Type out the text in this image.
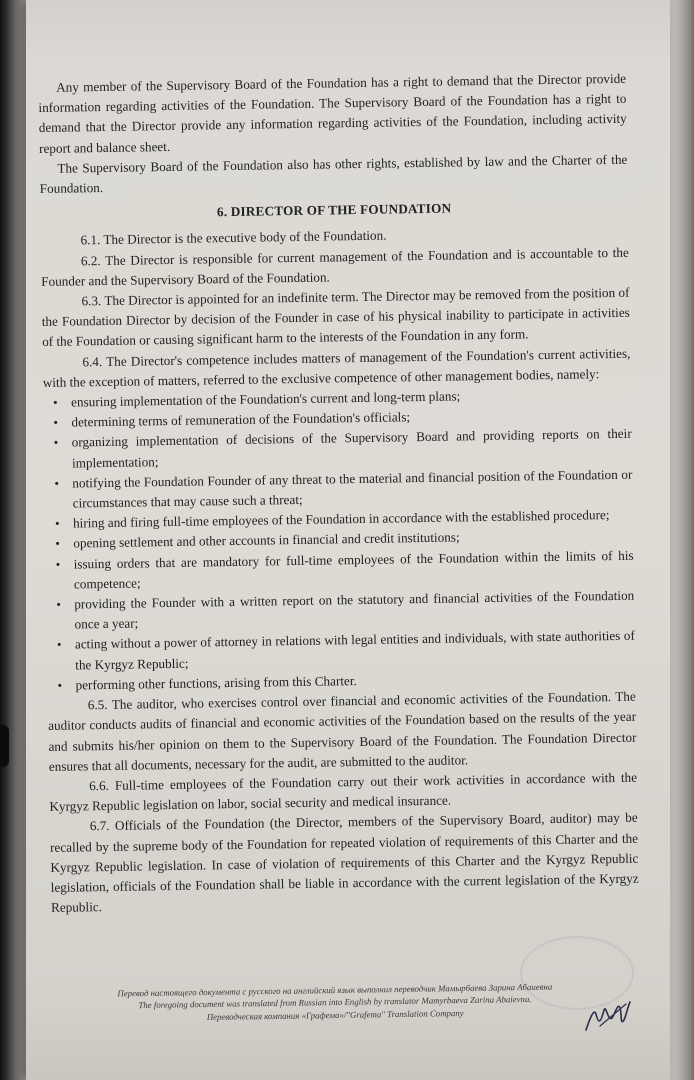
Any member of the Supervisory Board of the Foundation has a right to demand that the Director provide information regarding activities of the Foundation. The Supervisory Board of the Foundation has a right to demand that the Director provide any information regarding activities of the Foundation, including activity report and balance sheet.

The Supervisory Board of the Foundation also has other rights, established by law and the Charter of the Foundation.

6. DIRECTOR OF THE FOUNDATION

6.1. The Director is the executive body of the Foundation.

6.2. The Director is responsible for current management of the Foundation and is accountable to the Founder and the Supervisory Board of the Foundation.

6.3. The Director is appointed for an indefinite term. The Director may be removed from the position of the Foundation Director by decision of the Founder in case of his physical inability to participate in activities of the Foundation or causing significant harm to the interests of the Foundation in any form.

6.4. The Director's competence includes matters of management of the Foundation's current activities, with the exception of matters, referred to the exclusive competence of other management bodies, namely:

• ensuring implementation of the Foundation's current and long-term plans;
• determining terms of remuneration of the Foundation's officials;
• organizing implementation of decisions of the Supervisory Board and providing reports on their implementation;
• notifying the Foundation Founder of any threat to the material and financial position of the Foundation or circumstances that may cause such a threat;
• hiring and firing full-time employees of the Foundation in accordance with the established procedure;
• opening settlement and other accounts in financial and credit institutions;
• issuing orders that are mandatory for full-time employees of the Foundation within the limits of his competence;
• providing the Founder with a written report on the statutory and financial activities of the Foundation once a year;
• acting without a power of attorney in relations with legal entities and individuals, with state authorities of the Kyrgyz Republic;
• performing other functions, arising from this Charter.

6.5. The auditor, who exercises control over financial and economic activities of the Foundation. The auditor conducts audits of financial and economic activities of the Foundation based on the results of the year and submits his/her opinion on them to the Supervisory Board of the Foundation. The Foundation Director ensures that all documents, necessary for the audit, are submitted to the auditor.

6.6. Full-time employees of the Foundation carry out their work activities in accordance with the Kyrgyz Republic legislation on labor, social security and medical insurance.

6.7. Officials of the Foundation (the Director, members of the Supervisory Board, auditor) may be recalled by the supreme body of the Foundation for repeated violation of requirements of this Charter and the Kyrgyz Republic legislation. In case of violation of requirements of this Charter and the Kyrgyz Republic legislation, officials of the Foundation shall be liable in accordance with the current legislation of the Kyrgyz Republic.

Перевод настоящего документа с русского на английский язык выполнил переводчик Мамырбаева Зарина Абаиевна

The foregoing document was translated from Russian into English by translator Mamyrbaeva Zarina Abaievna.

Переводческая компания «Графема»/"Grafema" Translation Company
